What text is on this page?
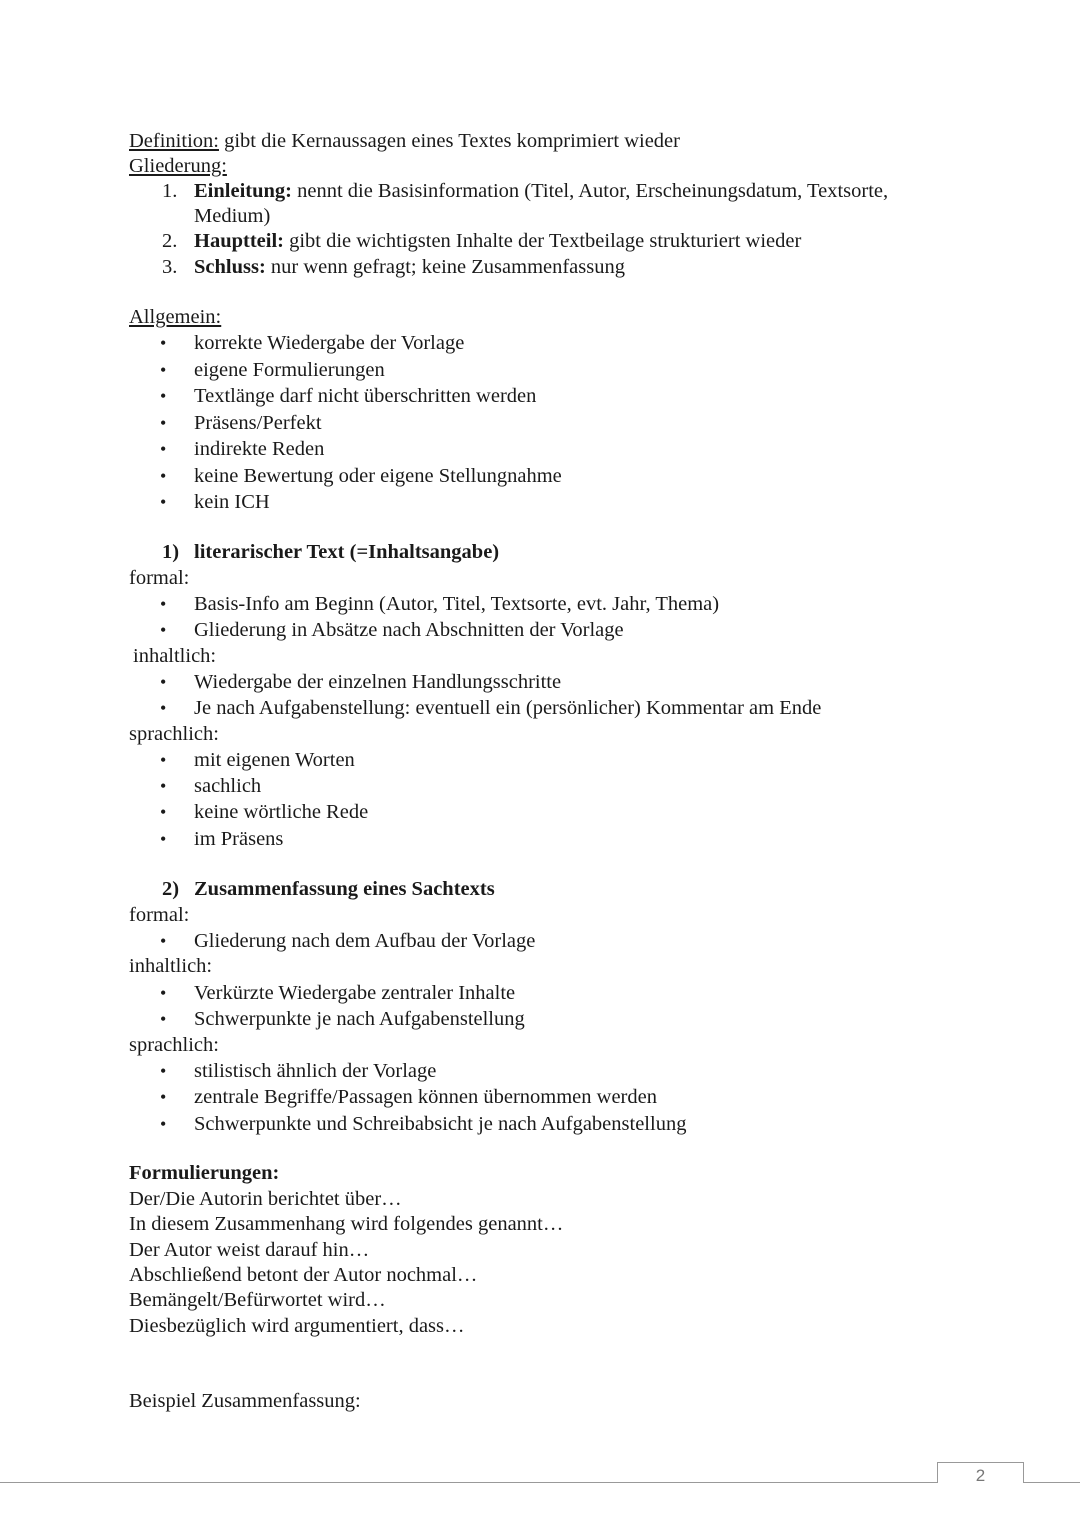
Definition: gibt die Kernaussagen eines Textes komprimiert wieder
Gliederung:
1. Einleitung: nennt die Basisinformation (Titel, Autor, Erscheinungsdatum, Textsorte,
Medium)
2. Hauptteil: gibt die wichtigsten Inhalte der Textbeilage strukturiert wieder
3. Schluss: nur wenn gefragt; keine Zusammenfassung
Allgemein:
1) literarischer Text (=Inhaltsangabe)
formal:
inhaltlich:
sprachlich:
2) Zusammenfassung eines Sachtexts
formal:
inhaltlich:
sprachlich:
Formulierungen:
Beispiel Zusammenfassung:
2
• korrekte Wiedergabe der Vorlage
• eigene Formulierungen
• Textlänge darf nicht überschritten werden
• Präsens/Perfekt
• indirekte Reden
• keine Bewertung oder eigene Stellungnahme
• kein ICH
• Basis-Info am Beginn (Autor, Titel, Textsorte, evt. Jahr, Thema)
• Gliederung in Absätze nach Abschnitten der Vorlage
• Wiedergabe der einzelnen Handlungsschritte
• Je nach Aufgabenstellung: eventuell ein (persönlicher) Kommentar am Ende
• mit eigenen Worten
• sachlich
• keine wörtliche Rede
• im Präsens
• Gliederung nach dem Aufbau der Vorlage
• Verkürzte Wiedergabe zentraler Inhalte
• Schwerpunkte je nach Aufgabenstellung
• stilistisch ähnlich der Vorlage
• zentrale Begriffe/Passagen können übernommen werden
• Schwerpunkte und Schreibabsicht je nach Aufgabenstellung
Der/Die Autorin berichtet über…
In diesem Zusammenhang wird folgendes genannt…
Der Autor weist darauf hin…
Abschließend betont der Autor nochmal…
Bemängelt/Befürwortet wird…
Diesbezüglich wird argumentiert, dass…
